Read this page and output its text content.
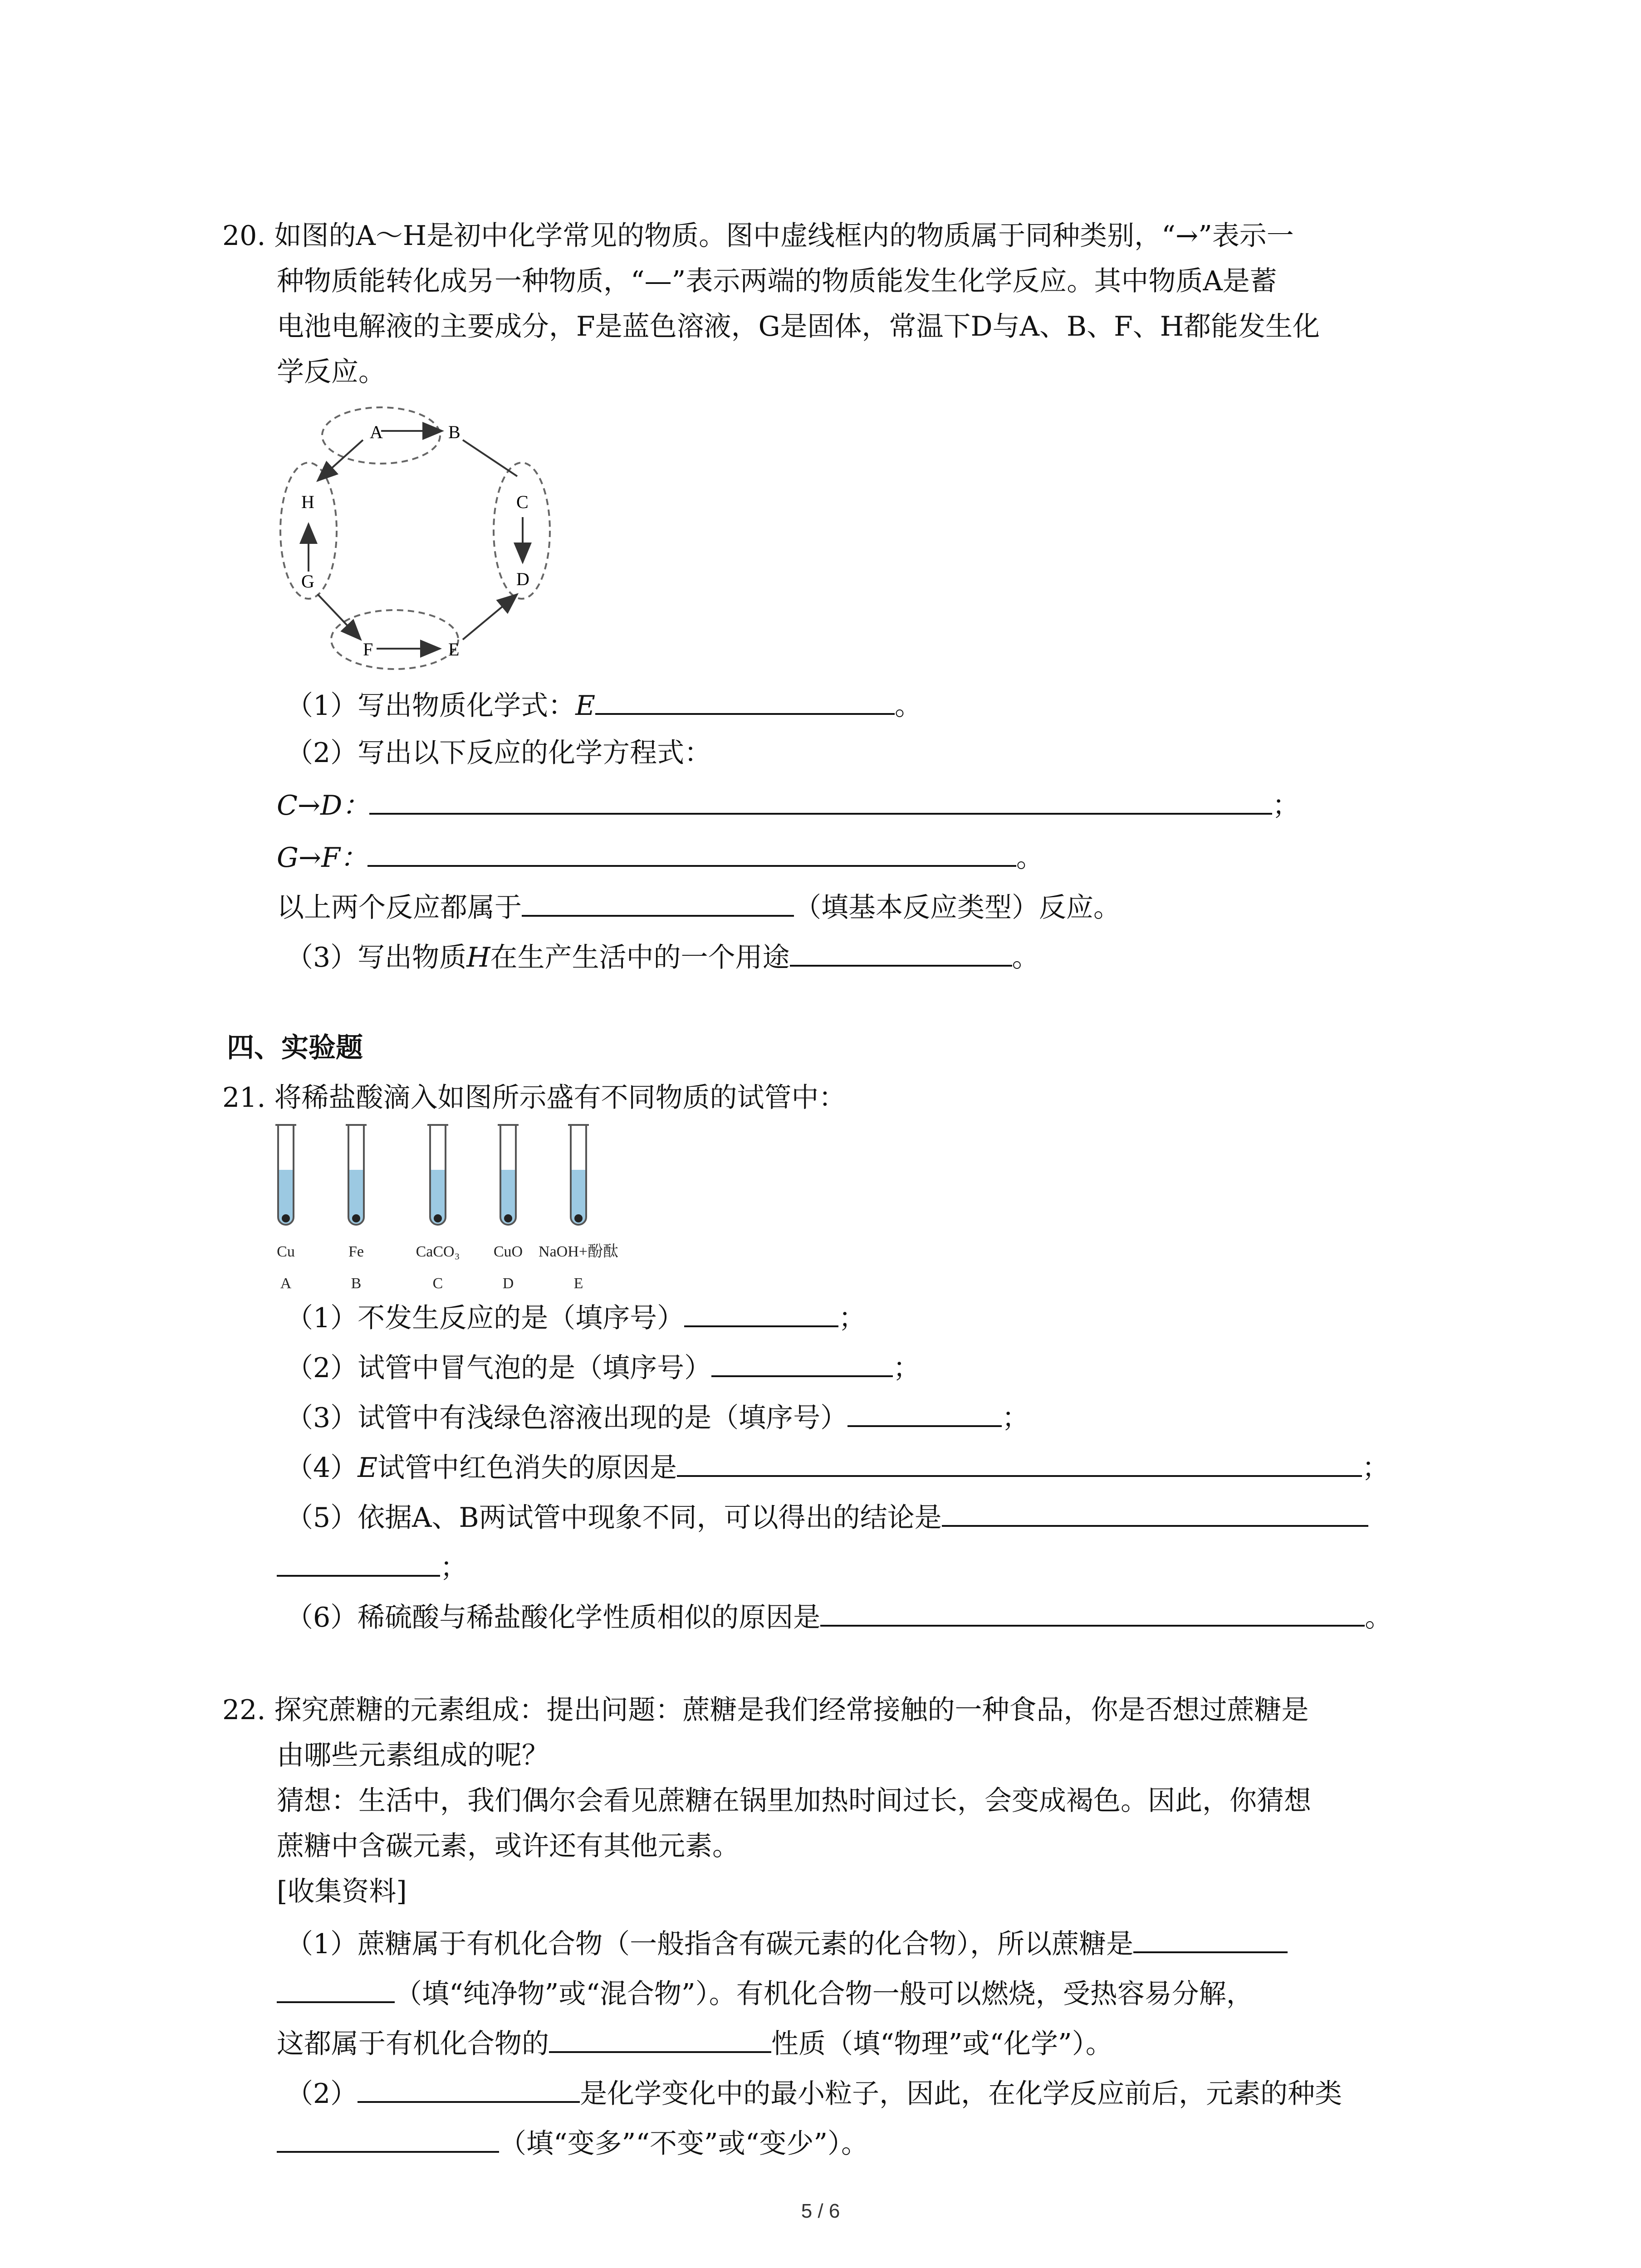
20. 如图的A～H是初中化学常见的物质。图中虚线框内的物质属于同种类别，“→”表示一
种物质能转化成另一种物质，“—”表示两端的物质能发生化学反应。其中物质A是蓄
电池电解液的主要成分，F是蓝色溶液，G是固体，常温下D与A、B、F、H都能发生化
学反应。
A	B
C
D
E
F
G
H
（1）写出物质化学式：E	。
（2）写出以下反应的化学方程式：
C→D：	；
G→F：	。
以上两个反应都属于	（填基本反应类型）反应。
（3）写出物质H在生产生活中的一个用途	。
四、实验题
21. 将稀盐酸滴入如图所示盛有不同物质的试管中：
Cu
A
Fe
B
CaCO₃
C
CuO
D
NaOH+酚酞
E
（1）不发生反应的是（填序号）	；
（2）试管中冒气泡的是（填序号）	；
（3）试管中有浅绿色溶液出现的是（填序号）	；
（4）E试管中红色消失的原因是	；
（5）依据A、B两试管中现象不同，可以得出的结论是
；
（6）稀硫酸与稀盐酸化学性质相似的原因是	。
22. 探究蔗糖的元素组成：提出问题：蔗糖是我们经常接触的一种食品，你是否想过蔗糖是
由哪些元素组成的呢？
猜想：生活中，我们偶尔会看见蔗糖在锅里加热时间过长，会变成褐色。因此，你猜想
蔗糖中含碳元素，或许还有其他元素。
[收集资料]
（1）蔗糖属于有机化合物（一般指含有碳元素的化合物），所以蔗糖是
（填“纯净物”或“混合物”）。有机化合物一般可以燃烧，受热容易分解，
这都属于有机化合物的	性质（填“物理”或“化学”）。
（2）	是化学变化中的最小粒子，因此，在化学反应前后，元素的种类
（填“变多”“不变”或“变少”）。
5 / 6
